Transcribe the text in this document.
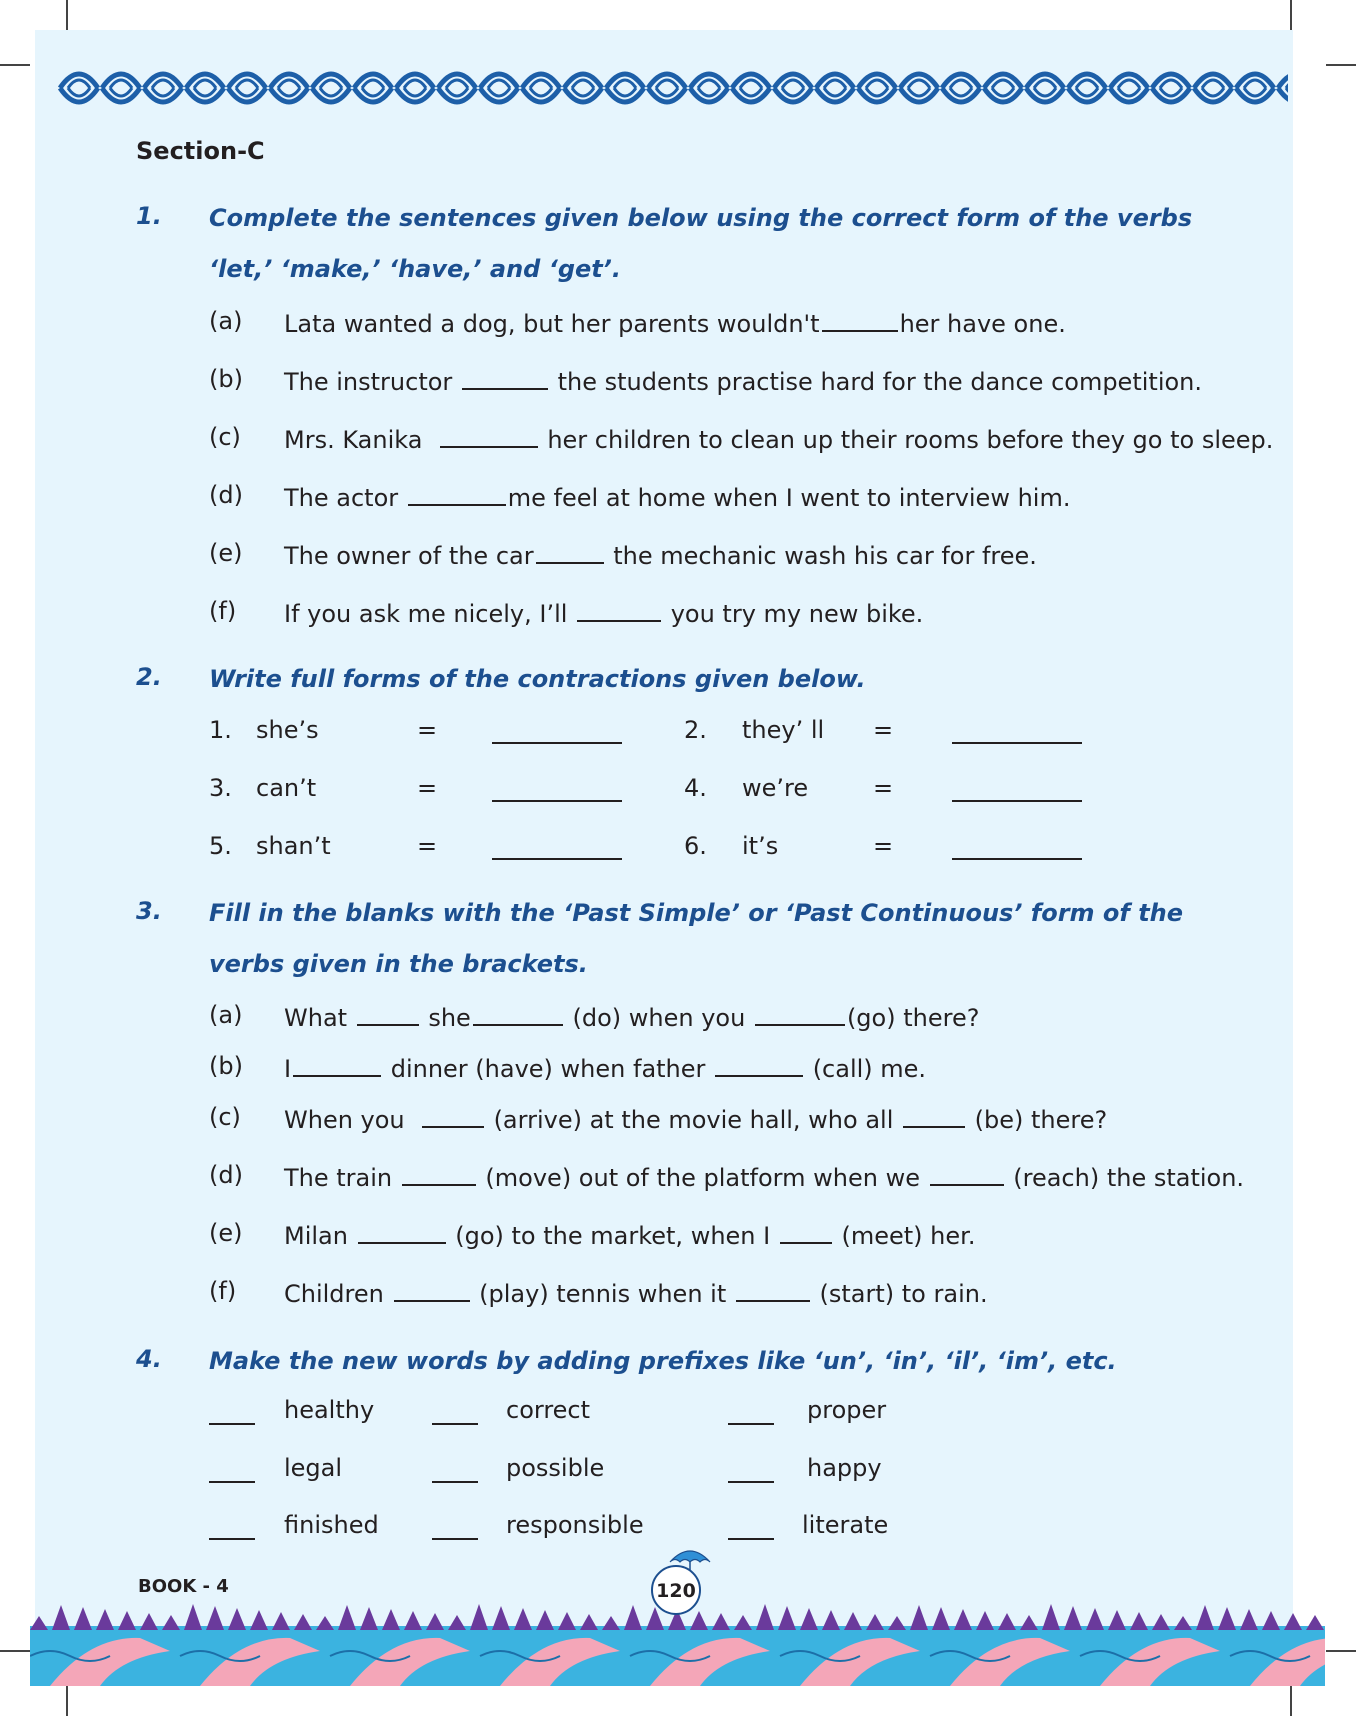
Section-C
1. Complete the sentences given below using the correct form of the verbs ‘let,’ ‘make,’ ‘have,’ and ‘get’.

(a) Lata wanted a dog, but her parents wouldn't	her have one.
(b) The instructor	the students practise hard for the dance competition.
(c) Mrs. Kanika	her children to clean up their rooms before they go to sleep.
(d) The actor	me feel at home when I went to interview him.
(e) The owner of the car	the mechanic wash his car for free.
(f) If you ask me nicely, I’ll	you try my new bike.
2. Write full forms of the contractions given below.

1. she’s	=	2. they’ ll =
3. can’t	=	4. we’re	=
5. shan’t	=	6. it’s	=
3. Fill in the blanks with the ‘Past Simple’ or ‘Past Continuous’ form of the verbs given in the brackets.

(a) What	she	(do) when you	(go) there?
(b) I	dinner (have) when father	(call) me.
(c) When you	(arrive) at the movie hall, who all	(be) there?
(d) The train	(move) out of the platform when we	(reach) the station.
(e) Milan	(go) to the market, when I	(meet) her.
(f) Children	(play) tennis when it	(start) to rain.
4. Make the new words by adding prefixes like ‘un’, ‘in’, ‘il’, ‘im’, etc.

healthy	correct	proper
legal	possible	happy
finished	responsible	literate
BOOK - 4	120
